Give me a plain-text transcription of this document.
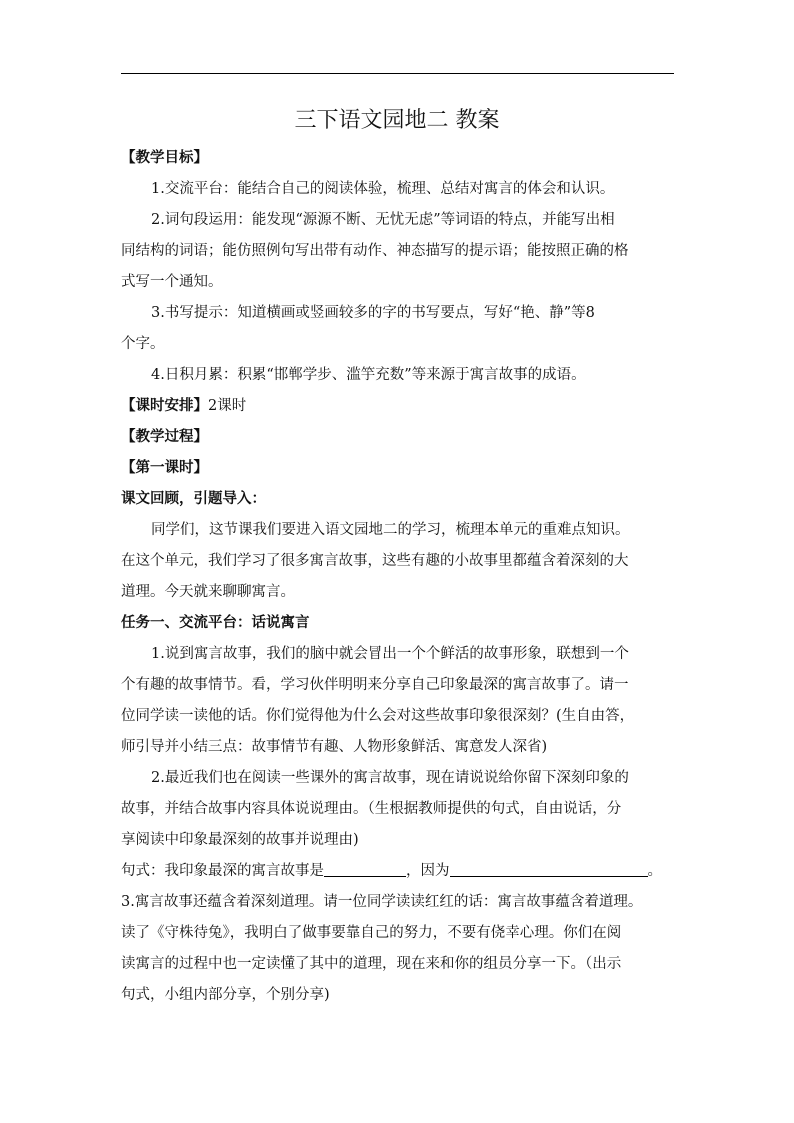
三下语文园地二 教案
【教学目标】
1.交流平台：能结合自己的阅读体验，梳理、总结对寓言的体会和认识。
2.词句段运用：能发现“源源不断、无忧无虑”等词语的特点，并能写出相
同结构的词语；能仿照例句写出带有动作、神态描写的提示语；能按照正确的格
式写一个通知。
3.书写提示：知道横画或竖画较多的字的书写要点，写好“艳、静”等8
个字。
4.日积月累：积累“邯郸学步、滥竽充数”等来源于寓言故事的成语。
【课时安排】2课时
【教学过程】
【第一课时】
课文回顾，引题导入：
同学们，这节课我们要进入语文园地二的学习，梳理本单元的重难点知识。
在这个单元，我们学习了很多寓言故事，这些有趣的小故事里都蕴含着深刻的大
道理。今天就来聊聊寓言。
任务一、交流平台：话说寓言
1.说到寓言故事，我们的脑中就会冒出一个个鲜活的故事形象，联想到一个
个有趣的故事情节。看，学习伙伴明明来分享自己印象最深的寓言故事了。请一
位同学读一读他的话。你们觉得他为什么会对这些故事印象很深刻？(生自由答，
师引导并小结三点：故事情节有趣、人物形象鲜活、寓意发人深省)
2.最近我们也在阅读一些课外的寓言故事，现在请说说给你留下深刻印象的
故事，并结合故事内容具体说说理由。（生根据教师提供的句式，自由说话，分
享阅读中印象最深刻的故事并说理由)
句式：我印象最深的寓言故事是	，因为	。
3.寓言故事还蕴含着深刻道理。请一位同学读读红红的话：寓言故事蕴含着道理。
读了《守株待兔》，我明白了做事要靠自己的努力，不要有侥幸心理。你们在阅
读寓言的过程中也一定读懂了其中的道理，现在来和你的组员分享一下。（出示
句式，小组内部分享，个别分享)
